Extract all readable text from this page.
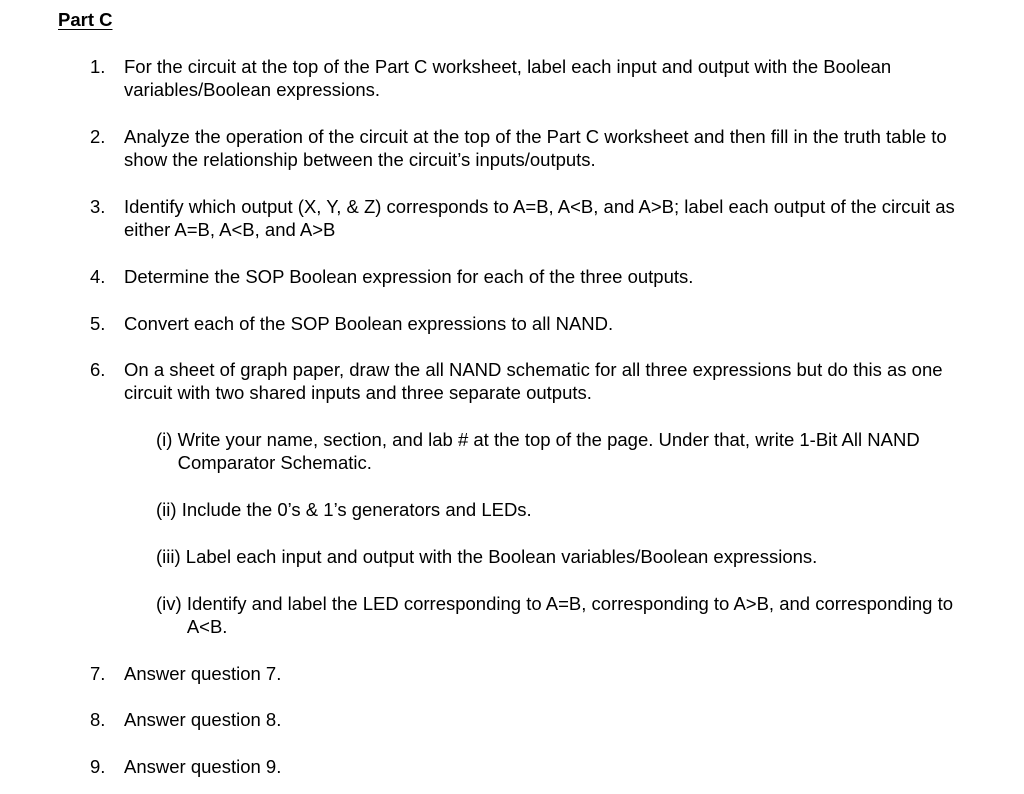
Part C
1.	For the circuit at the top of the Part C worksheet, label each input and output with the Boolean variables/Boolean expressions.
2.	Analyze the operation of the circuit at the top of the Part C worksheet and then fill in the truth table to show the relationship between the circuit’s inputs/outputs.
3.	Identify which output (X, Y, & Z) corresponds to A=B, A<B, and A>B; label each output of the circuit as either A=B, A<B, and A>B
4.	Determine the SOP Boolean expression for each of the three outputs.
5.	Convert each of the SOP Boolean expressions to all NAND.
6.	On a sheet of graph paper, draw the all NAND schematic for all three expressions but do this as one circuit with two shared inputs and three separate outputs.
(i) Write your name, section, and lab # at the top of the page. Under that, write 1-Bit All NAND Comparator Schematic.
(ii) Include the 0’s & 1’s generators and LEDs.
(iii) Label each input and output with the Boolean variables/Boolean expressions.
(iv) Identify and label the LED corresponding to A=B, corresponding to A>B, and corresponding to A<B.
7.	Answer question 7.
8.	Answer question 8.
9.	Answer question 9.
